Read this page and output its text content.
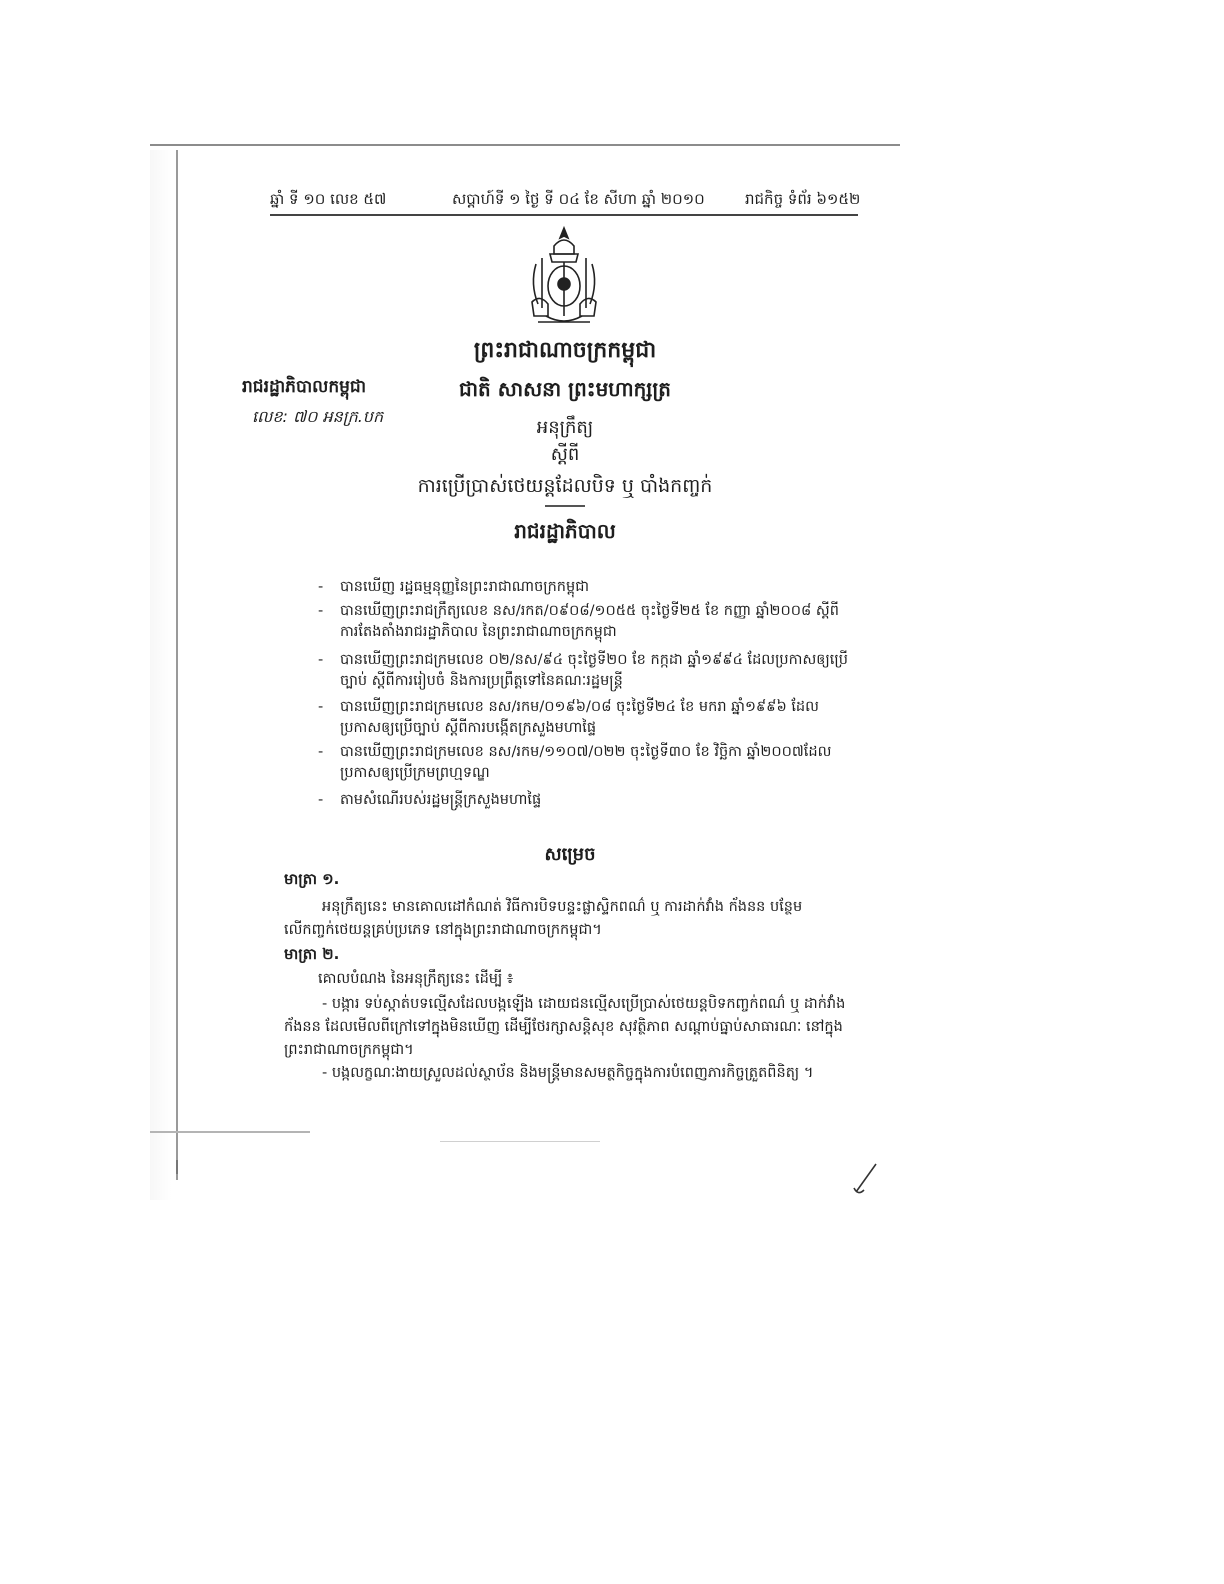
ឆ្នាំ ទី ១០ លេខ ៥៧	សប្តាហ៍ទី ១ ថ្ងៃ ទី ០៤ ខែ សីហា ឆ្នាំ ២០១០	រាជកិច្ច ទំព័រ ៦១៥២
ព្រះរាជាណាចក្រកម្ពុជា
ជាតិ សាសនា ព្រះមហាក្សត្រ
រាជរដ្ឋាភិបាលកម្ពុជា
លេខ: ៧០ អនក្រ.បក
អនុក្រឹត្យ
ស្តីពី
ការប្រើប្រាស់ថេយន្តដែលបិទ ឬ បាំងកញ្ចក់
រាជរដ្ឋាភិបាល
- បានឃើញ រដ្ឋធម្មនុញ្ញនៃព្រះរាជាណាចក្រកម្ពុជា
- បានឃើញព្រះរាជក្រឹត្យលេខ នស/រកត/០៩០៨/១០៥៥ ចុះថ្ងៃទី២៥ ខែ កញ្ញា ឆ្នាំ២០០៨ ស្តីពីការតែងតាំងរាជរដ្ឋាភិបាល នៃព្រះរាជាណាចក្រកម្ពុជា
- បានឃើញព្រះរាជក្រមលេខ ០២/នស/៩៤ ចុះថ្ងៃទី២០ ខែ កក្កដា ឆ្នាំ១៩៩៤ ដែលប្រកាសឲ្យប្រើច្បាប់ ស្តីពីការរៀបចំ និងការប្រព្រឹត្តទៅនៃគណៈរដ្ឋមន្ត្រី
- បានឃើញព្រះរាជក្រមលេខ នស/រកម/០១៩៦/០៨ ចុះថ្ងៃទី២៤ ខែ មករា ឆ្នាំ១៩៩៦ ដែលប្រកាសឲ្យប្រើច្បាប់ ស្តីពីការបង្កើតក្រសួងមហាផ្ទៃ
- បានឃើញព្រះរាជក្រមលេខ នស/រកម/១១០៧/០២២ ចុះថ្ងៃទី៣០ ខែ វិច្ឆិកា ឆ្នាំ២០០៧ដែលប្រកាសឲ្យប្រើក្រមព្រហ្មទណ្ឌ
- តាមសំណើរបស់រដ្ឋមន្ត្រីក្រសួងមហាផ្ទៃ
សម្រេច
មាត្រា ១.
អនុក្រឹត្យនេះ មានគោលដៅកំណត់ វិធីការបិទបន្ទះផ្លាស្ទិកពណ៌ ឬ ការដាក់វាំង ក័ងនន បន្ថែមលើកញ្ចក់ថេយន្តគ្រប់ប្រភេទ នៅក្នុងព្រះរាជាណាចក្រកម្ពុជា។
មាត្រា ២.
គោលបំណង នៃអនុក្រឹត្យនេះ ដើម្បី ៖
- បង្ការ ទប់ស្កាត់បទល្មើសដែលបង្កឡើង ដោយជនល្មើសប្រើប្រាស់ថេយន្តបិទកញ្ចក់ពណ៌ ឬ ដាក់វាំង ក័ងនន ដែលមើលពីក្រៅទៅក្នុងមិនឃើញ ដើម្បីថែរក្សាសន្តិសុខ សុវត្ថិភាព សណ្តាប់ធ្នាប់សាធារណៈ នៅក្នុងព្រះរាជាណាចក្រកម្ពុជា។
- បង្កលក្ខណៈងាយស្រួលដល់ស្ថាប័ន និងមន្ត្រីមានសមត្ថកិច្ចក្នុងការបំពេញភារកិច្ចត្រួតពិនិត្យ ។
